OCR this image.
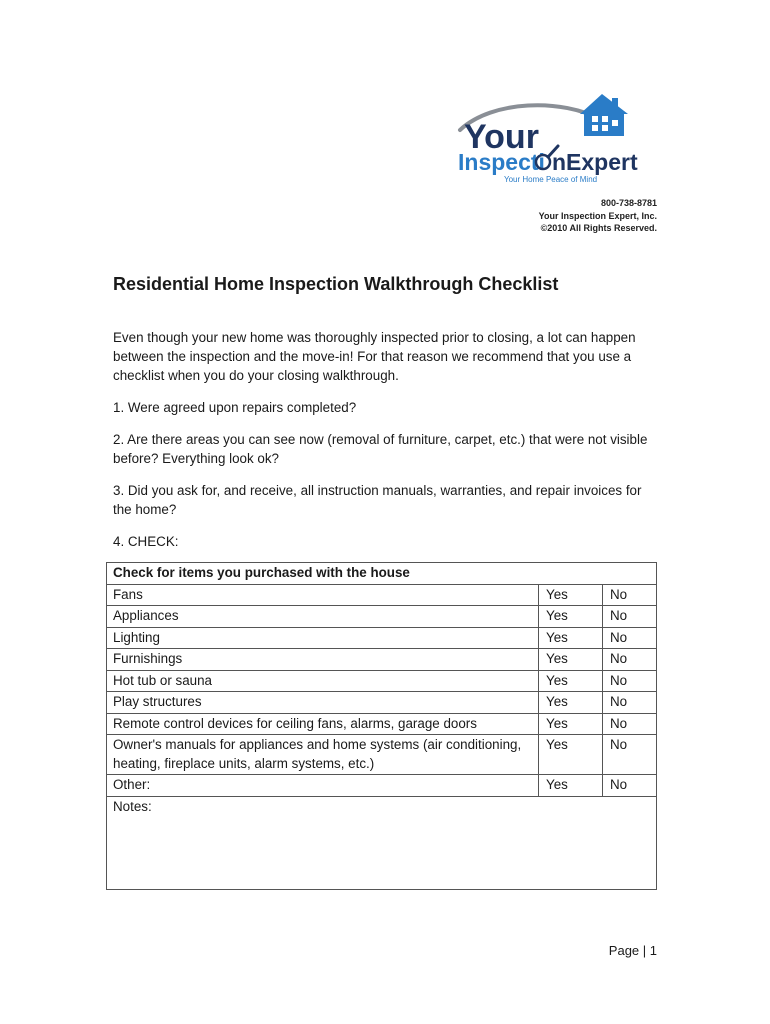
Your
Inspecti nExpert
Your Home Peace of Mind
800-738-8781
Your Inspection Expert, Inc.
©2010 All Rights Reserved.
Residential Home Inspection Walkthrough Checklist
Even though your new home was thoroughly inspected prior to closing, a lot can happen between the inspection and the move-in! For that reason we recommend that you use a checklist when you do your closing walkthrough.
1. Were agreed upon repairs completed?
2. Are there areas you can see now (removal of furniture, carpet, etc.) that were not visible before? Everything look ok?
3. Did you ask for, and receive, all instruction manuals, warranties, and repair invoices for the home?
4. CHECK:
Check for items you purchased with the house		
Fans	Yes	No
Appliances	Yes	No
Lighting	Yes	No
Furnishings	Yes	No
Hot tub or sauna	Yes	No
Play structures	Yes	No
Remote control devices for ceiling fans, alarms, garage doors	Yes	No
Owner's manuals for appliances and home systems (air conditioning, heating, fireplace units, alarm systems, etc.)	Yes	No
Other:	Yes	No
Notes:		
Page | 1
